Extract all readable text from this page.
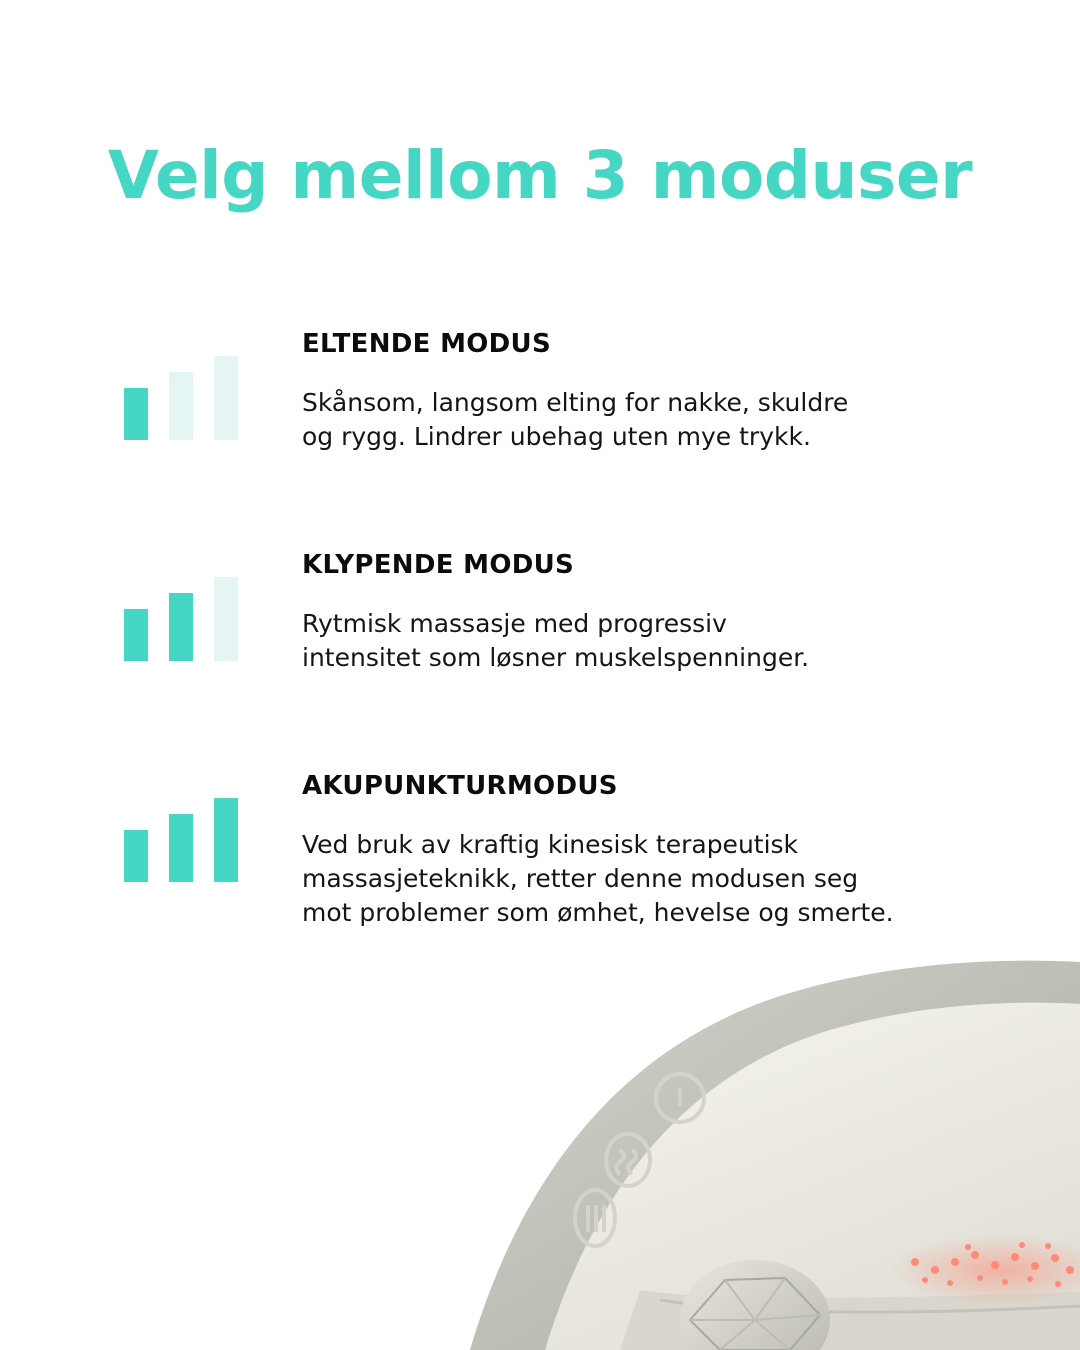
Velg mellom 3 moduser
ELTENDE MODUS

Skånsom, langsom elting for nakke, skuldre
og rygg. Lindrer ubehag uten mye trykk.

KLYPENDE MODUS

Rytmisk massasje med progressiv
intensitet som løsner muskelspenninger.

AKUPUNKTURMODUS

Ved bruk av kraftig kinesisk terapeutisk
massasjeteknikk, retter denne modusen seg
mot problemer som ømhet, hevelse og smerte.
